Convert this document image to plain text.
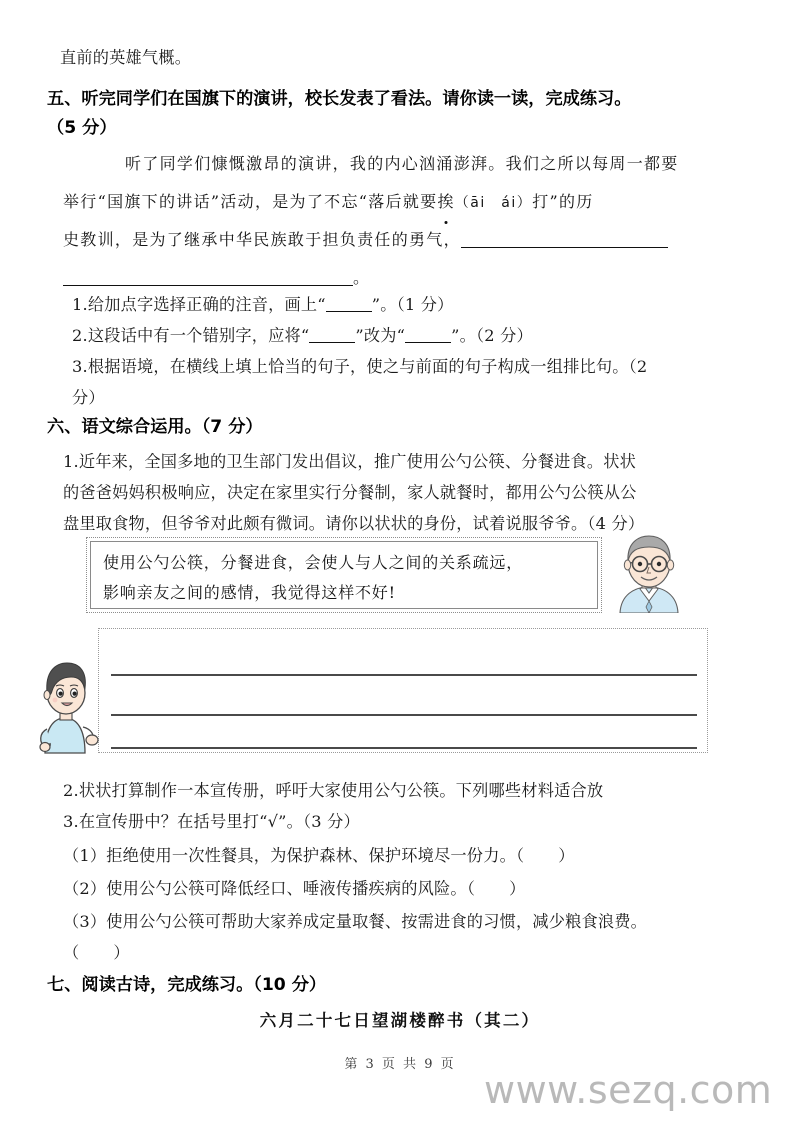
直前的英雄气概。
五、听完同学们在国旗下的演讲，校长发表了看法。请你读一读，完成练习。
（5 分）
听了同学们慷慨激昂的演讲，我的内心汹涌澎湃。我们之所以每周一都要
举行“国旗下的讲话”活动，是为了不忘“落后就要挨（āi　ái）打”的历
史教训，是为了继承中华民族敢于担负责任的勇气，
。
1.给加点字选择正确的注音，画上“	”。（1 分）
2.这段话中有一个错别字，应将“	”改为“	”。（2 分）
3.根据语境，在横线上填上恰当的句子，使之与前面的句子构成一组排比句。（2
分）
六、语文综合运用。（7 分）
1.近年来，全国多地的卫生部门发出倡议，推广使用公勺公筷、分餐进食。状状
的爸爸妈妈积极响应，决定在家里实行分餐制，家人就餐时，都用公勺公筷从公
盘里取食物，但爷爷对此颇有微词。请你以状状的身份，试着说服爷爷。（4 分）
使用公勺公筷，分餐进食，会使人与人之间的关系疏远，
影响亲友之间的感情，我觉得这样不好!
2.状状打算制作一本宣传册，呼吁大家使用公勺公筷。下列哪些材料适合放
3.在宣传册中？在括号里打“√”。（3 分）
（1）拒绝使用一次性餐具，为保护森林、保护环境尽一份力。（ ）
（2）使用公勺公筷可降低经口、唾液传播疾病的风险。（ ）
（3）使用公勺公筷可帮助大家养成定量取餐、按需进食的习惯，减少粮食浪费。
（ ）
七、阅读古诗，完成练习。（10 分）
六月二十七日望湖楼醉书（其二）
第 3 页 共 9 页
www.sezq.com
